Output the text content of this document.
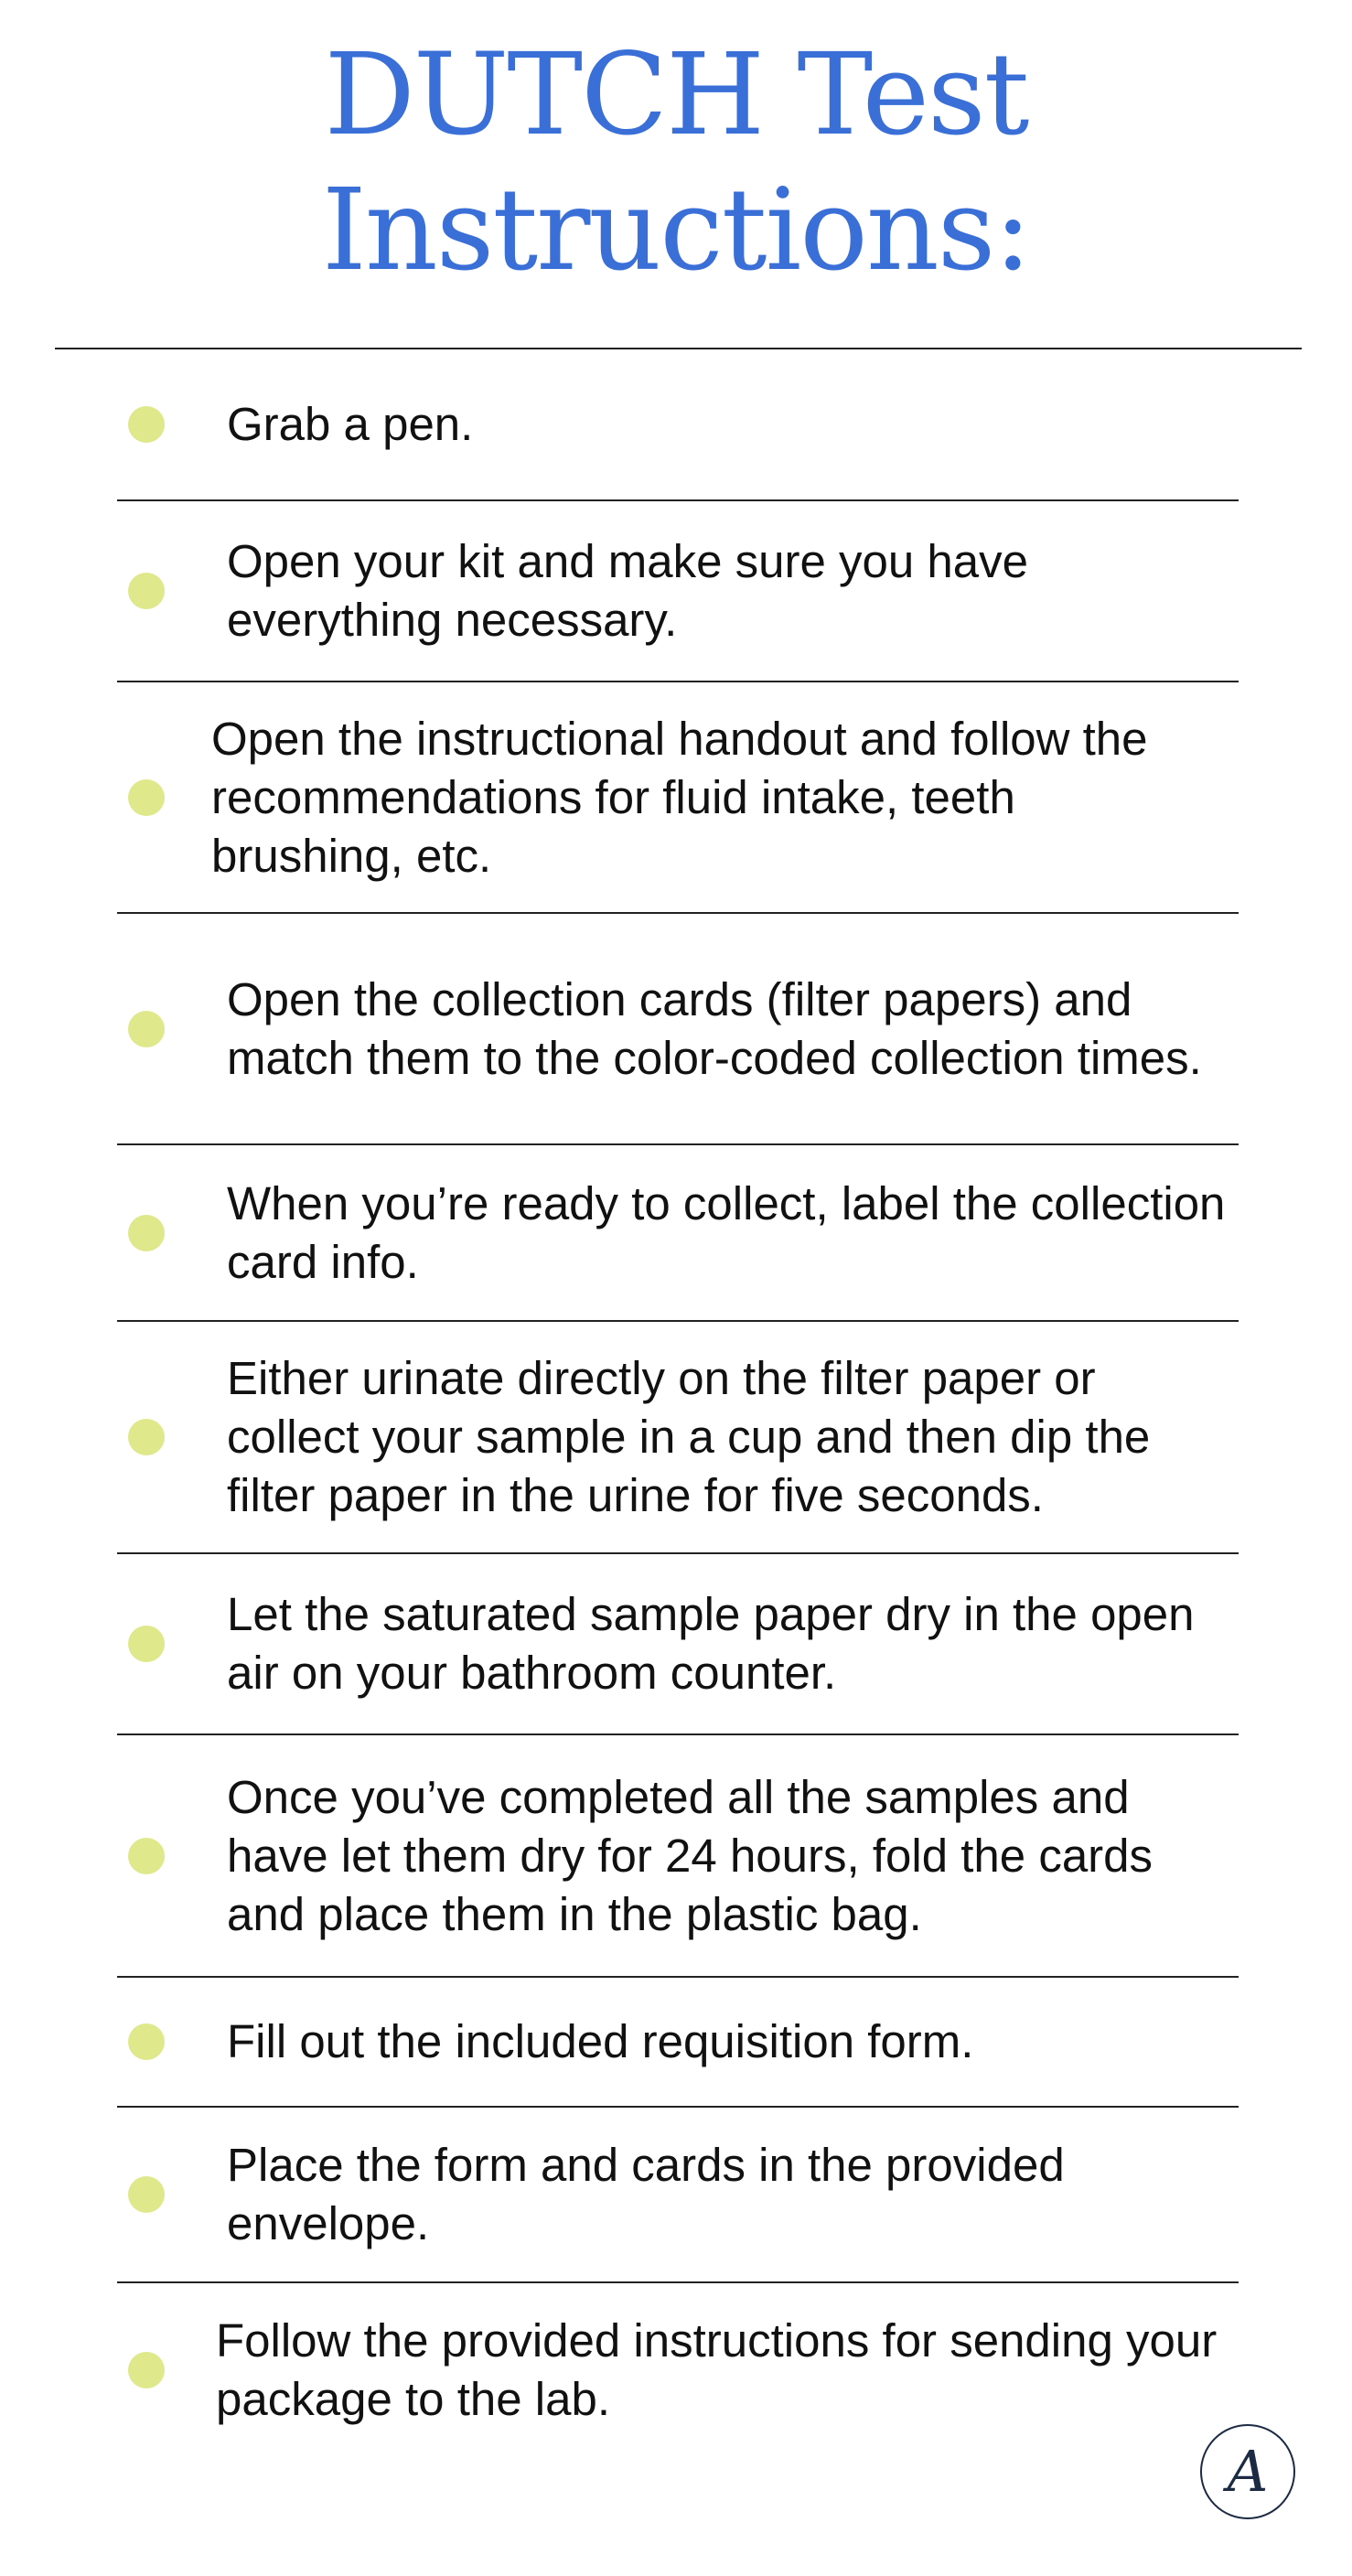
DUTCH Test
Instructions:
Grab a pen.
Open your kit and make sure you have everything necessary.
Open the instructional handout and follow the recommendations for fluid intake, teeth brushing, etc.
Open the collection cards (filter papers) and match them to the color-coded collection times.
When you’re ready to collect, label the collection card info.
Either urinate directly on the filter paper or collect your sample in a cup and then dip the filter paper in the urine for five seconds.
Let the saturated sample paper dry in the open air on your bathroom counter.
Once you’ve completed all the samples and have let them dry for 24 hours, fold the cards and place them in the plastic bag.
Fill out the included requisition form.
Place the form and cards in the provided envelope.
Follow the provided instructions for sending your package to the lab.
A
